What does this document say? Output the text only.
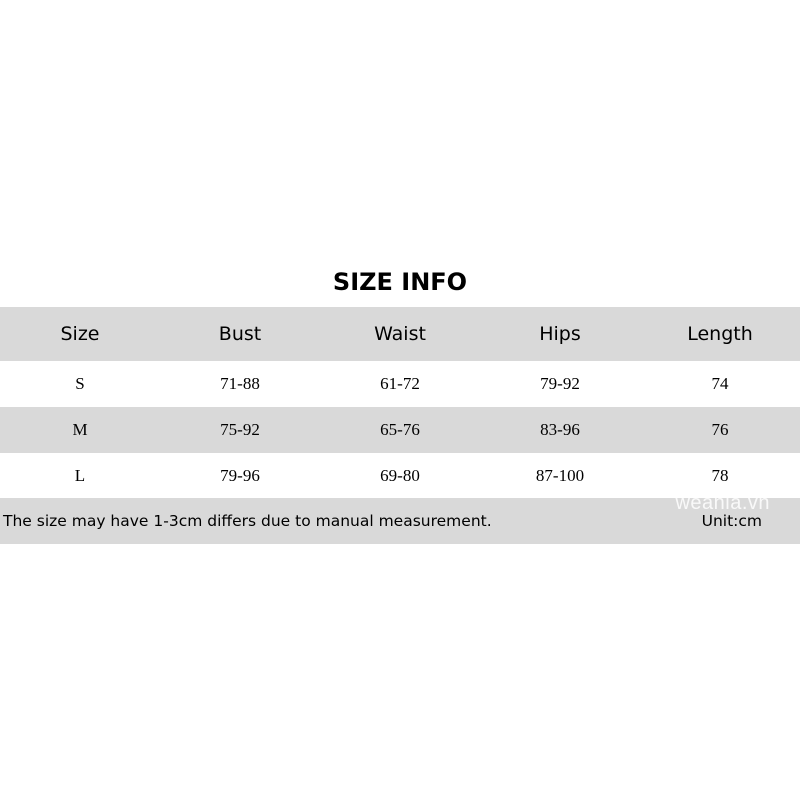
SIZE INFO
Size	Bust	Waist	Hips	Length
S	71-88	61-72	79-92	74
M	75-92	65-76	83-96	76
L	79-96	69-80	87-100	78
The size may have 1-3cm differs due to manual measurement.	Unit:cm
weania.vn
